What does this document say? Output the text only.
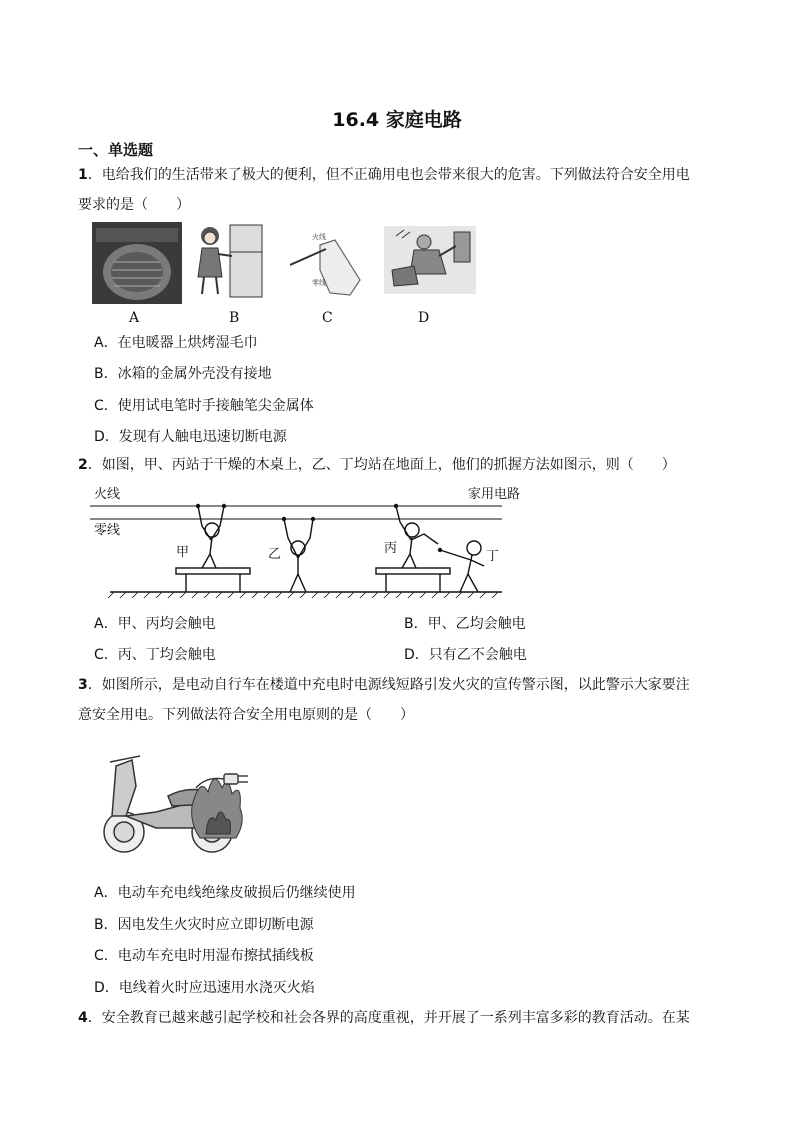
16.4 家庭电路
一、单选题
1．电给我们的生活带来了极大的便利，但不正确用电也会带来很大的危害。下列做法符合安全用电
要求的是（　　）
火线
零线
A	B	C	D
A．在电暖器上烘烤湿毛巾
B．冰箱的金属外壳没有接地
C．使用试电笔时手接触笔尖金属体
D．发现有人触电迅速切断电源
2．如图，甲、丙站于干燥的木桌上，乙、丁均站在地面上，他们的抓握方法如图示，则（　　）
火线	家用电路
零线
甲	乙	丙
丁
A．甲、丙均会触电	B．甲、乙均会触电
C．丙、丁均会触电	D．只有乙不会触电
3．如图所示，是电动自行车在楼道中充电时电源线短路引发火灾的宣传警示图，以此警示大家要注
意安全用电。下列做法符合安全用电原则的是（　　）
A．电动车充电线绝缘皮破损后仍继续使用
B．因电发生火灾时应立即切断电源
C．电动车充电时用湿布擦拭插线板
D．电线着火时应迅速用水浇灭火焰
4．安全教育已越来越引起学校和社会各界的高度重视，并开展了一系列丰富多彩的教育活动。在某
